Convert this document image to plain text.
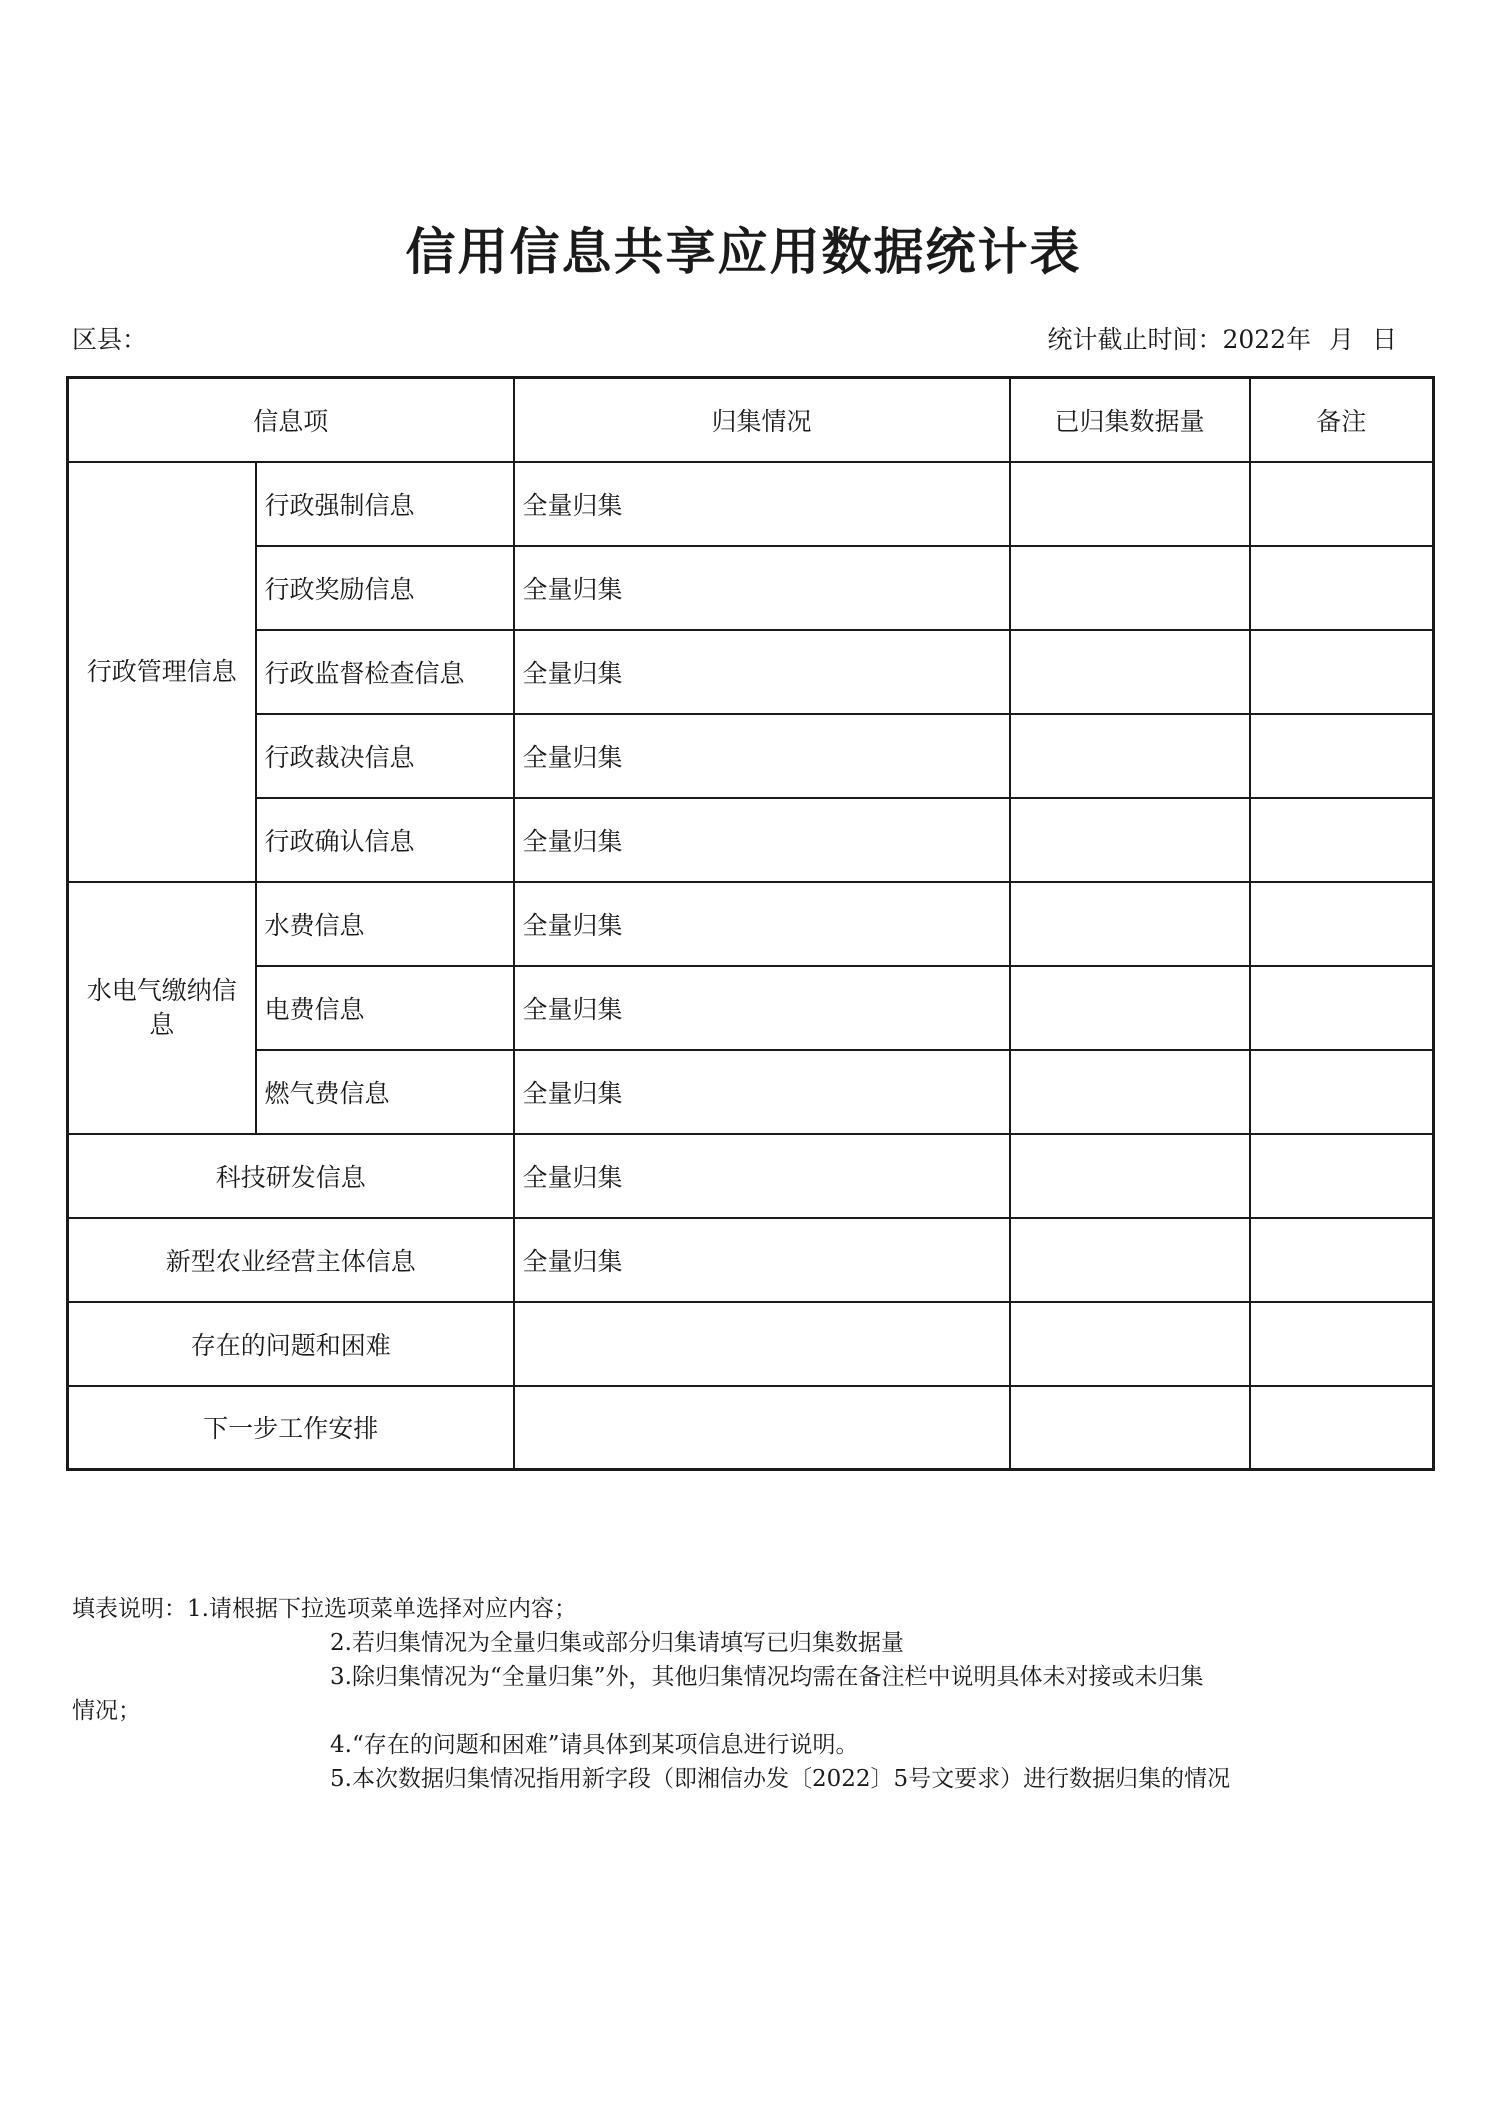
信用信息共享应用数据统计表
区县：	统计截止时间：2022年 月 日
信息项		归集情况	已归集数据量	备注
行政管理信息	行政强制信息	全量归集		
	行政奖励信息	全量归集		
	行政监督检查信息	全量归集		
	行政裁决信息	全量归集		
	行政确认信息	全量归集		
水电气缴纳信息	水费信息	全量归集		
	电费信息	全量归集		
	燃气费信息	全量归集		
科技研发信息		全量归集		
新型农业经营主体信息		全量归集		
存在的问题和困难				
下一步工作安排				
填表说明：1.请根据下拉选项菜单选择对应内容；
2.若归集情况为全量归集或部分归集请填写已归集数据量
3.除归集情况为“全量归集”外，其他归集情况均需在备注栏中说明具体未对接或未归集
情况；
4.“存在的问题和困难”请具体到某项信息进行说明。
5.本次数据归集情况指用新字段（即湘信办发〔2022〕5号文要求）进行数据归集的情况
